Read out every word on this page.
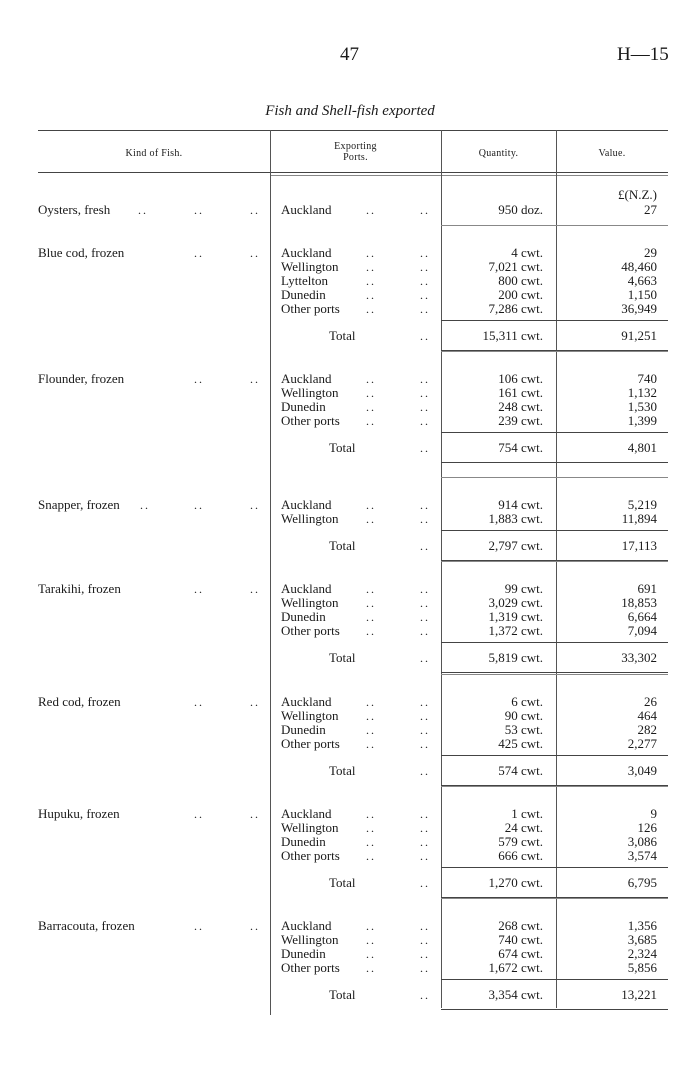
47	H—15
Fish and Shell-fish exported
Kind of Fish.
Exporting
Ports.	Quantity.	Value.
£(N.Z.)
Oysters, fresh ..	..	.. Auckland	..	..	950 doz.	27
Blue cod, frozen	..	.. Auckland	..	..	4 cwt.	29
Wellington ..	..	7,021 cwt.	48,460
Lyttelton	..	..	800 cwt.	4,663
Dunedin	..	..	200 cwt.	1,150
Other ports ..	..	7,286 cwt.	36,949
Total	..	15,311 cwt.	91,251
Flounder, frozen	..	.. Auckland	..	..	106 cwt.	740
Wellington ..	..	161 cwt.	1,132
Dunedin	..	..	248 cwt.	1,530
Other ports ..	..	239 cwt.	1,399
Total	..	754 cwt.	4,801
Snapper, frozen ..	..	.. Auckland	..	..	914 cwt.	5,219
Wellington ..	..	1,883 cwt.	11,894
Total	..	2,797 cwt.	17,113
Tarakihi, frozen	..	.. Auckland	..	..	99 cwt.	691
Wellington ..	..	3,029 cwt.	18,853
Dunedin	..	..	1,319 cwt.	6,664
Other ports ..	..	1,372 cwt.	7,094
Total	..	5,819 cwt.	33,302
Red cod, frozen	..	.. Auckland	..	..	6 cwt.	26
Wellington ..	..	90 cwt.	464
Dunedin	..	..	53 cwt.	282
Other ports ..	..	425 cwt.	2,277
Total	..	574 cwt.	3,049
Hupuku, frozen	..	.. Auckland	..	..	1 cwt.	9
Wellington ..	..	24 cwt.	126
Dunedin	..	..	579 cwt.	3,086
Other ports ..	..	666 cwt.	3,574
Total	..	1,270 cwt.	6,795
Barracouta, frozen	..	.. Auckland	..	..	268 cwt.	1,356
Wellington ..	..	740 cwt.	3,685
Dunedin	..	..	674 cwt.	2,324
Other ports ..	..	1,672 cwt.	5,856
Total	..	3,354 cwt.	13,221
